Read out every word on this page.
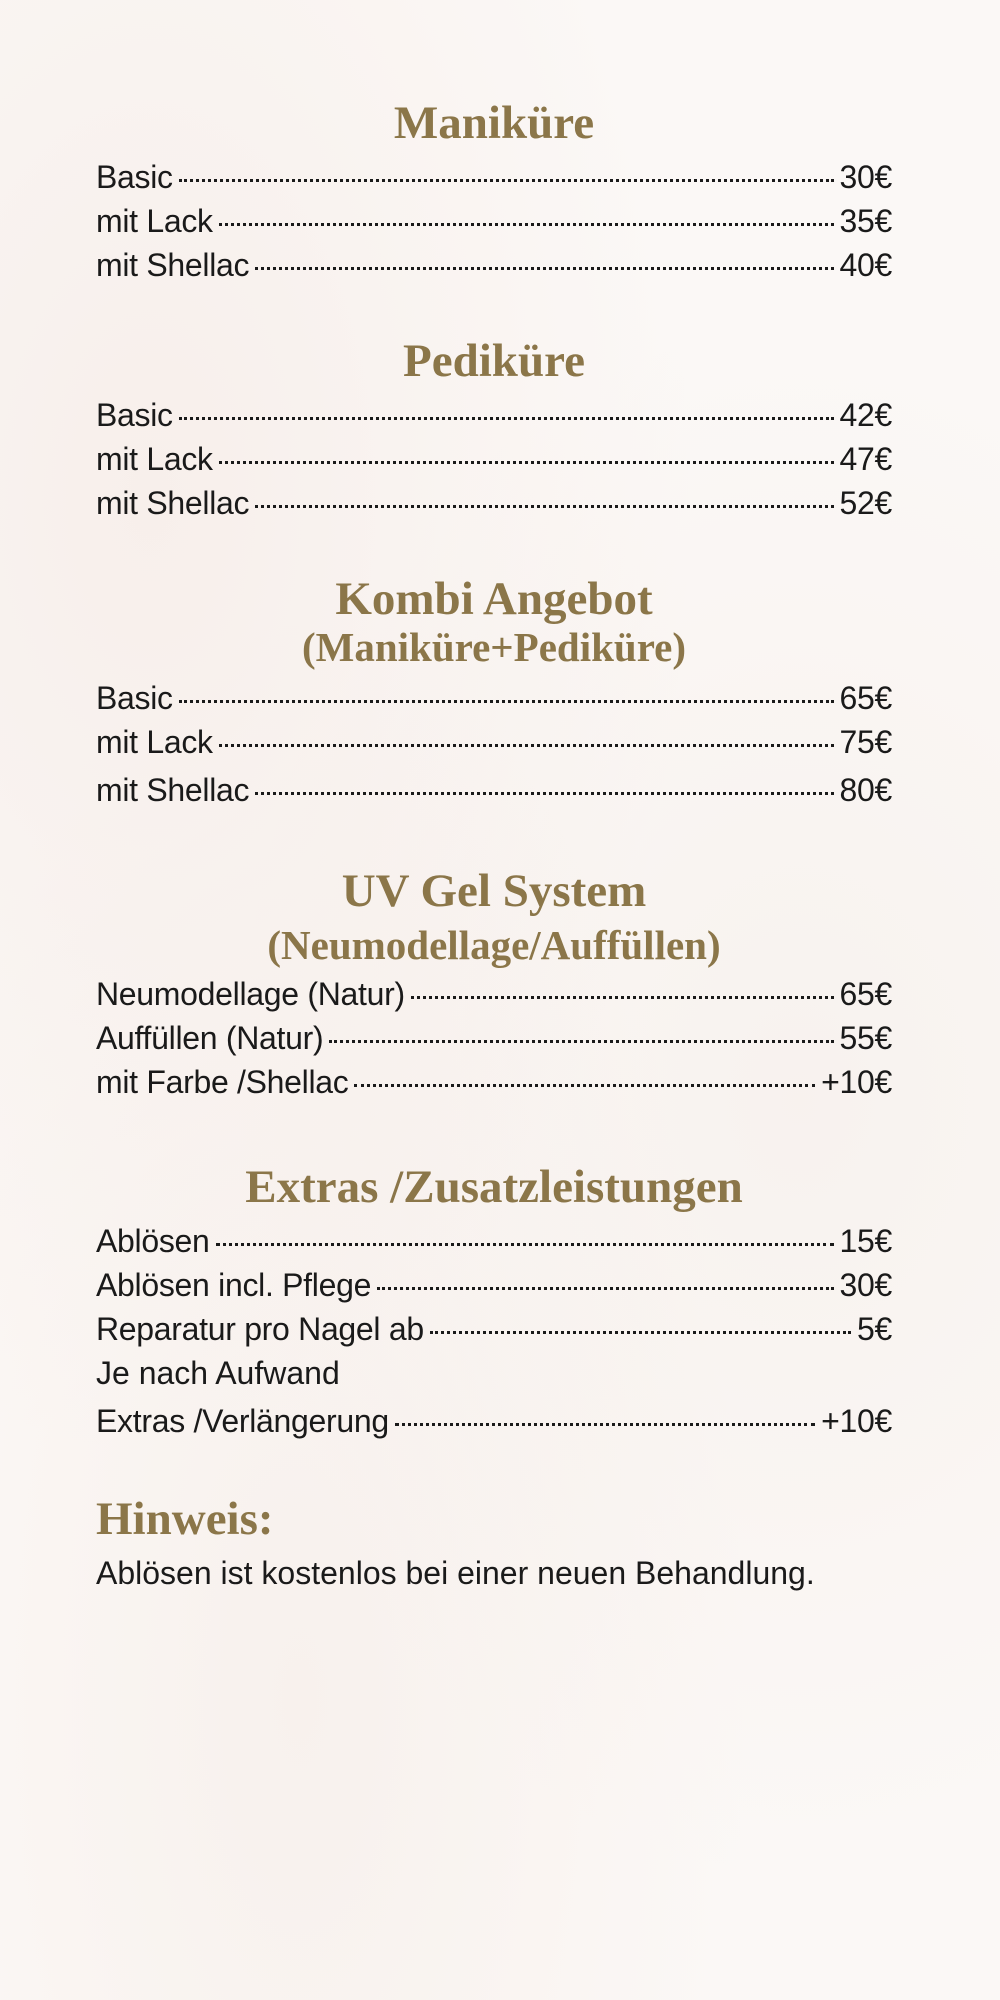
Maniküre
Basic	30€
mit Lack	35€
mit Shellac	40€
Pediküre
Basic	42€
mit Lack	47€
mit Shellac	52€
Kombi Angebot
(Maniküre+Pediküre)
Basic	65€
mit Lack	75€
mit Shellac	80€
UV Gel System
(Neumodellage/Auffüllen)
Neumodellage (Natur)	65€
Auffüllen (Natur)	55€
mit Farbe /Shellac	+10€
Extras /Zusatzleistungen
Ablösen	15€
Ablösen incl. Pflege	30€
Reparatur pro Nagel ab	5€
Je nach Aufwand
Extras /Verlängerung	+10€
Hinweis:
Ablösen ist kostenlos bei einer neuen Behandlung.
